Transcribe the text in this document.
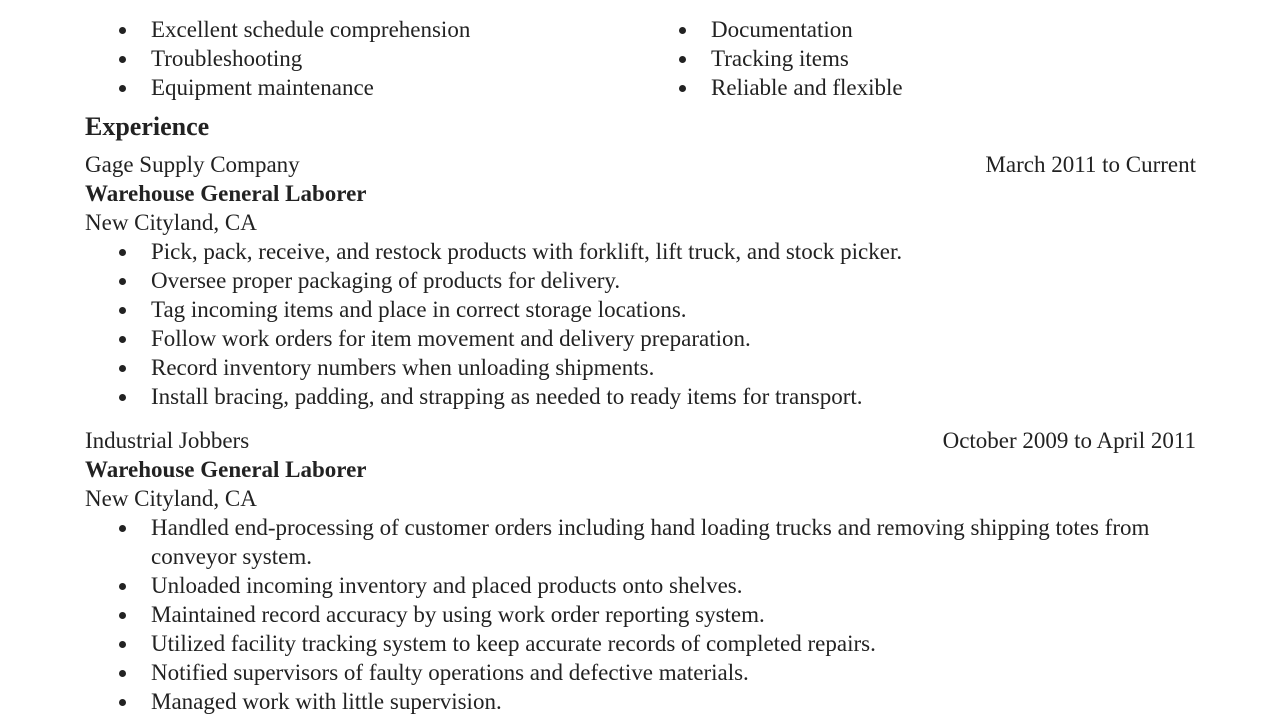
Excellent schedule comprehension
Troubleshooting
Equipment maintenance
Documentation
Tracking items
Reliable and flexible
Experience
Gage Supply Company	March 2011 to Current
Warehouse General Laborer
New Cityland, CA
Pick, pack, receive, and restock products with forklift, lift truck, and stock picker.
Oversee proper packaging of products for delivery.
Tag incoming items and place in correct storage locations.
Follow work orders for item movement and delivery preparation.
Record inventory numbers when unloading shipments.
Install bracing, padding, and strapping as needed to ready items for transport.
Industrial Jobbers	October 2009 to April 2011
Warehouse General Laborer
New Cityland, CA
Handled end-processing of customer orders including hand loading trucks and removing shipping totes from conveyor system.
Unloaded incoming inventory and placed products onto shelves.
Maintained record accuracy by using work order reporting system.
Utilized facility tracking system to keep accurate records of completed repairs.
Notified supervisors of faulty operations and defective materials.
Managed work with little supervision.
